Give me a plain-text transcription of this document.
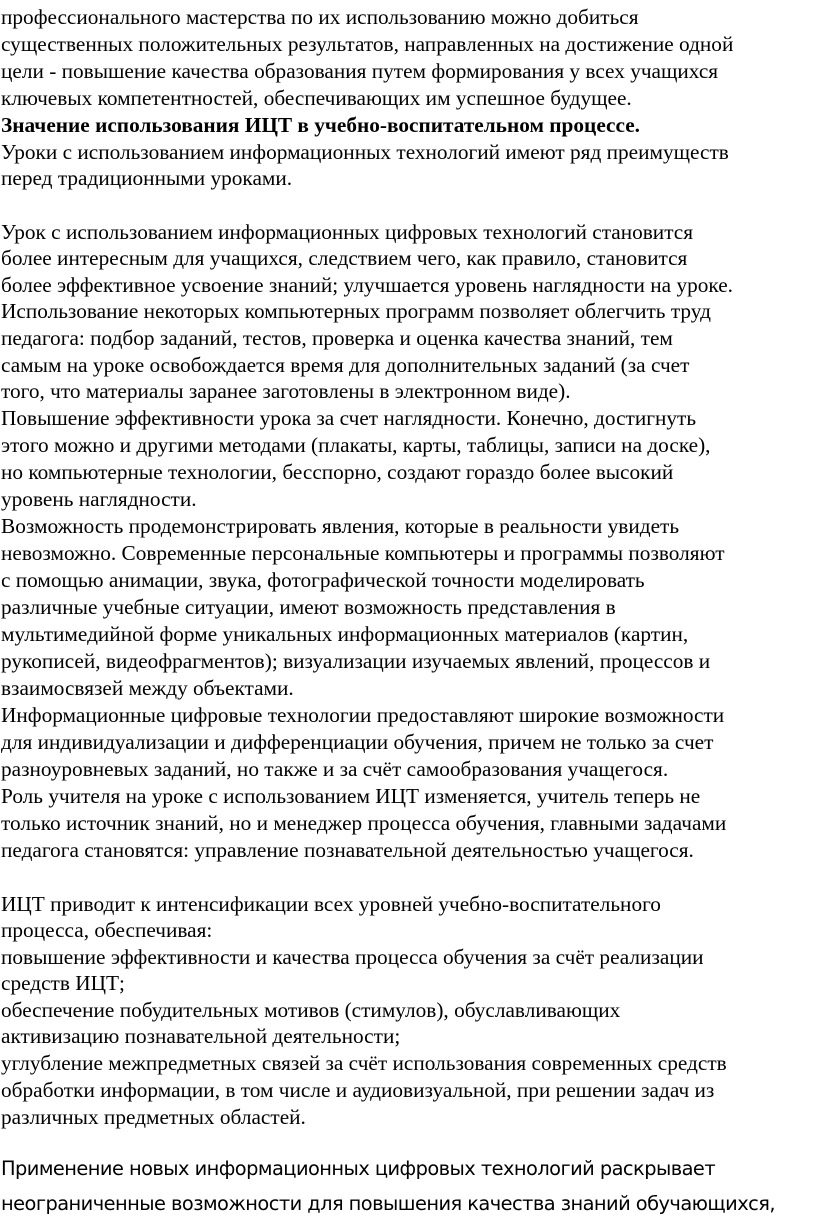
профессионального мастерства по их использованию можно добиться
существенных положительных результатов, направленных на достижение одной
цели - повышение качества образования путем формирования у всех учащихся
ключевых компетентностей, обеспечивающих им успешное будущее.
Значение использования ИЦТ в учебно-воспитательном процессе.
Уроки с использованием информационных технологий имеют ряд преимуществ
перед традиционными уроками.
Урок с использованием информационных цифровых технологий становится
более интересным для учащихся, следствием чего, как правило, становится
более эффективное усвоение знаний; улучшается уровень наглядности на уроке.
Использование некоторых компьютерных программ позволяет облегчить труд
педагога: подбор заданий, тестов, проверка и оценка качества знаний, тем
самым на уроке освобождается время для дополнительных заданий (за счет
того, что материалы заранее заготовлены в электронном виде).
Повышение эффективности урока за счет наглядности. Конечно, достигнуть
этого можно и другими методами (плакаты, карты, таблицы, записи на доске),
но компьютерные технологии, бесспорно, создают гораздо более высокий
уровень наглядности.
Возможность продемонстрировать явления, которые в реальности увидеть
невозможно. Современные персональные компьютеры и программы позволяют
с помощью анимации, звука, фотографической точности моделировать
различные учебные ситуации, имеют возможность представления в
мультимедийной форме уникальных информационных материалов (картин,
рукописей, видеофрагментов); визуализации изучаемых явлений, процессов и
взаимосвязей между объектами.
Информационные цифровые технологии предоставляют широкие возможности
для индивидуализации и дифференциации обучения, причем не только за счет
разноуровневых заданий, но также и за счёт самообразования учащегося.
Роль учителя на уроке с использованием ИЦТ изменяется, учитель теперь не
только источник знаний, но и менеджер процесса обучения, главными задачами
педагога становятся: управление познавательной деятельностью учащегося.
ИЦТ приводит к интенсификации всех уровней учебно-воспитательного
процесса, обеспечивая:
повышение эффективности и качества процесса обучения за счёт реализации
средств ИЦТ;
обеспечение побудительных мотивов (стимулов), обуславливающих
активизацию познавательной деятельности;
углубление межпредметных связей за счёт использования современных средств
обработки информации, в том числе и аудиовизуальной, при решении задач из
различных предметных областей.
Применение новых информационных цифровых технологий раскрывает
неограниченные возможности для повышения качества знаний обучающихся,
